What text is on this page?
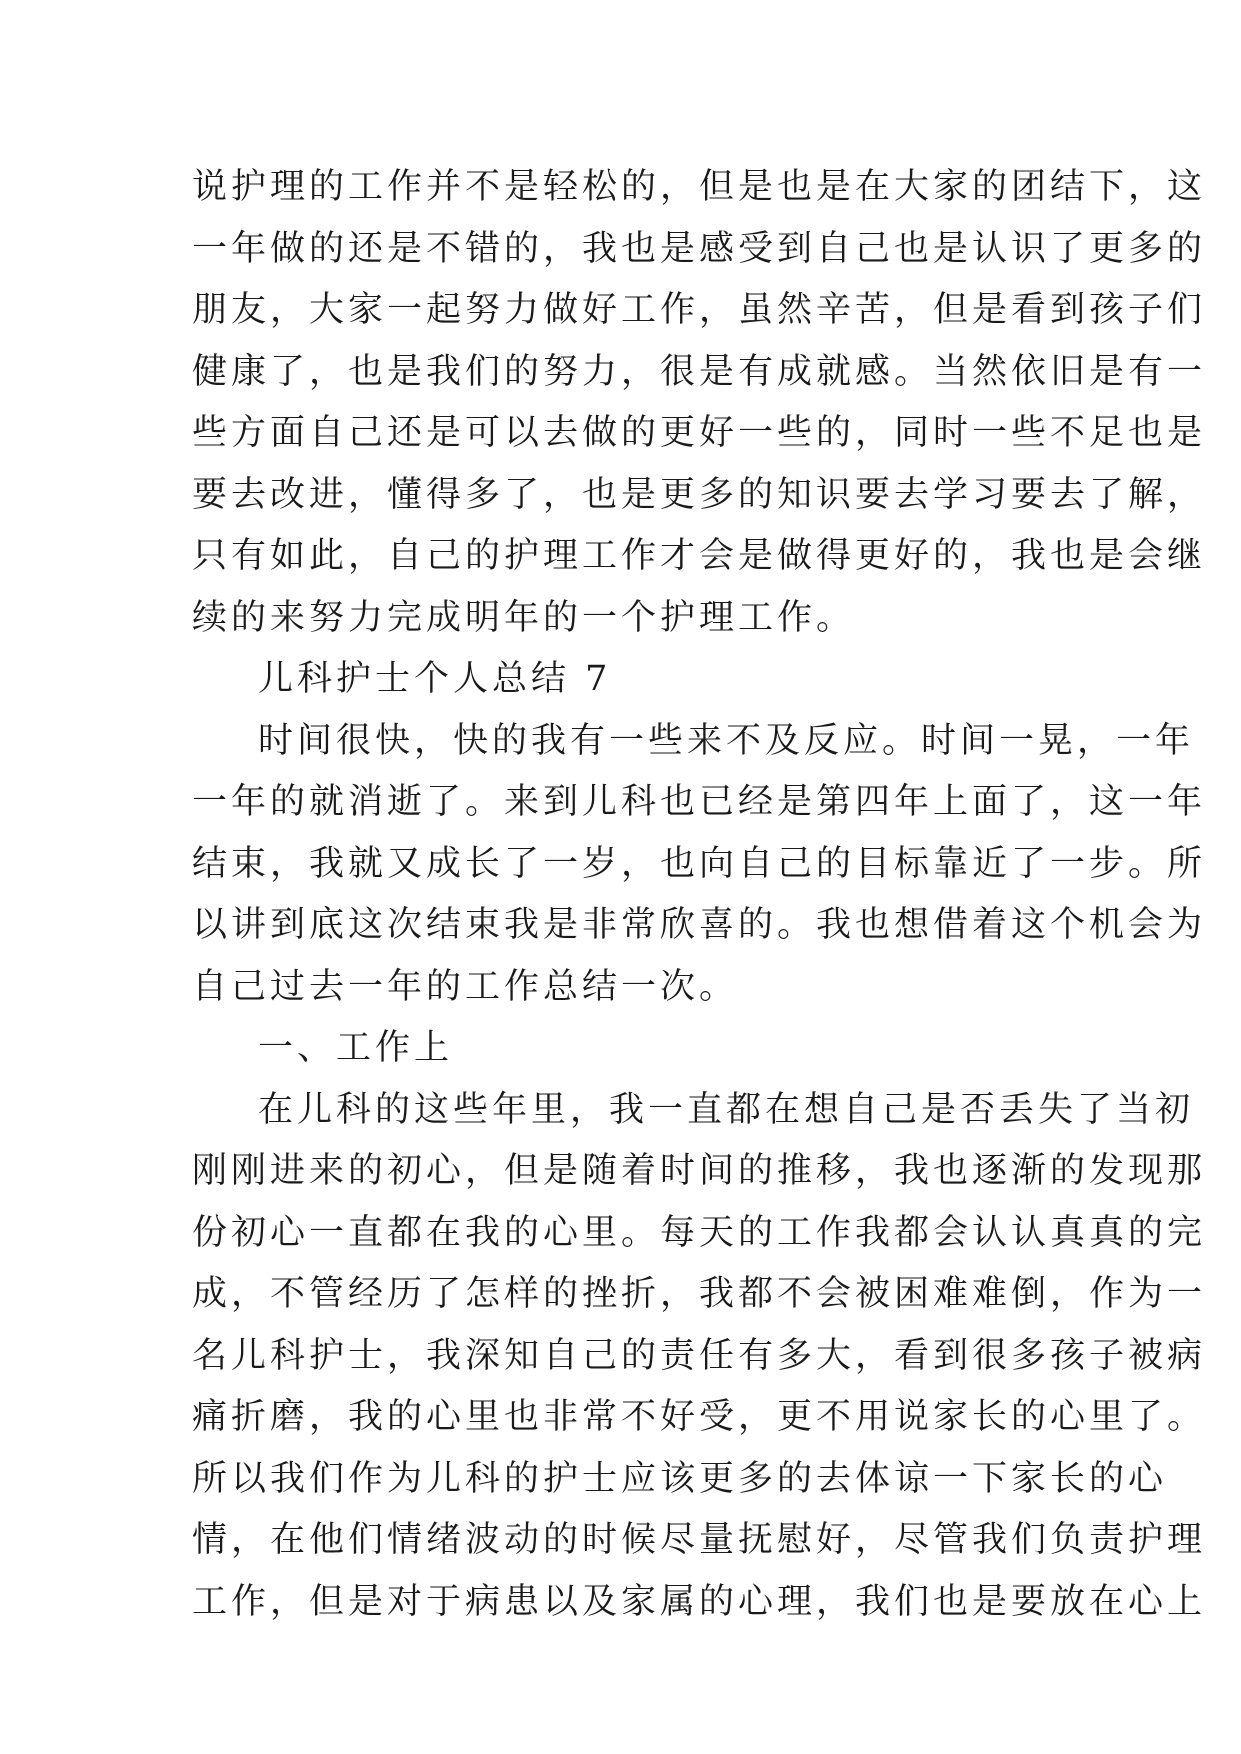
说护理的工作并不是轻松的，但是也是在大家的团结下，这
一年做的还是不错的，我也是感受到自己也是认识了更多的
朋友，大家一起努力做好工作，虽然辛苦，但是看到孩子们
健康了，也是我们的努力，很是有成就感。当然依旧是有一
些方面自己还是可以去做的更好一些的，同时一些不足也是
要去改进，懂得多了，也是更多的知识要去学习要去了解，
只有如此，自己的护理工作才会是做得更好的，我也是会继
续的来努力完成明年的一个护理工作。
儿科护士个人总结 7
时间很快，快的我有一些来不及反应。时间一晃，一年
一年的就消逝了。来到儿科也已经是第四年上面了，这一年
结束，我就又成长了一岁，也向自己的目标靠近了一步。所
以讲到底这次结束我是非常欣喜的。我也想借着这个机会为
自己过去一年的工作总结一次。
一、工作上
在儿科的这些年里，我一直都在想自己是否丢失了当初
刚刚进来的初心，但是随着时间的推移，我也逐渐的发现那
份初心一直都在我的心里。每天的工作我都会认认真真的完
成，不管经历了怎样的挫折，我都不会被困难难倒，作为一
名儿科护士，我深知自己的责任有多大，看到很多孩子被病
痛折磨，我的心里也非常不好受，更不用说家长的心里了。
所以我们作为儿科的护士应该更多的去体谅一下家长的心
情，在他们情绪波动的时候尽量抚慰好，尽管我们负责护理
工作，但是对于病患以及家属的心理，我们也是要放在心上
